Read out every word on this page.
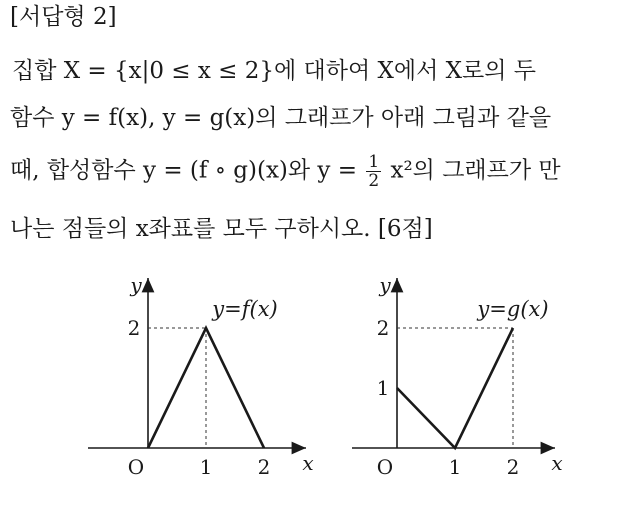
[서답형 2]
집합 X = {x|0 ≤ x ≤ 2}에 대하여 X에서 X로의 두
함수 y = f(x), y = g(x)의 그래프가 아래 그림과 같을
때, 합성함수 y = (f ∘ g)(x)와 $y = \frac{1}{2} x^2$의 그래프가 만
나는 점들의 x좌표를 모두 구하시오. [6점]
x
y
O	1 2
2
y=f(x)
x
y
O	1 2
1
2
y=g(x)
